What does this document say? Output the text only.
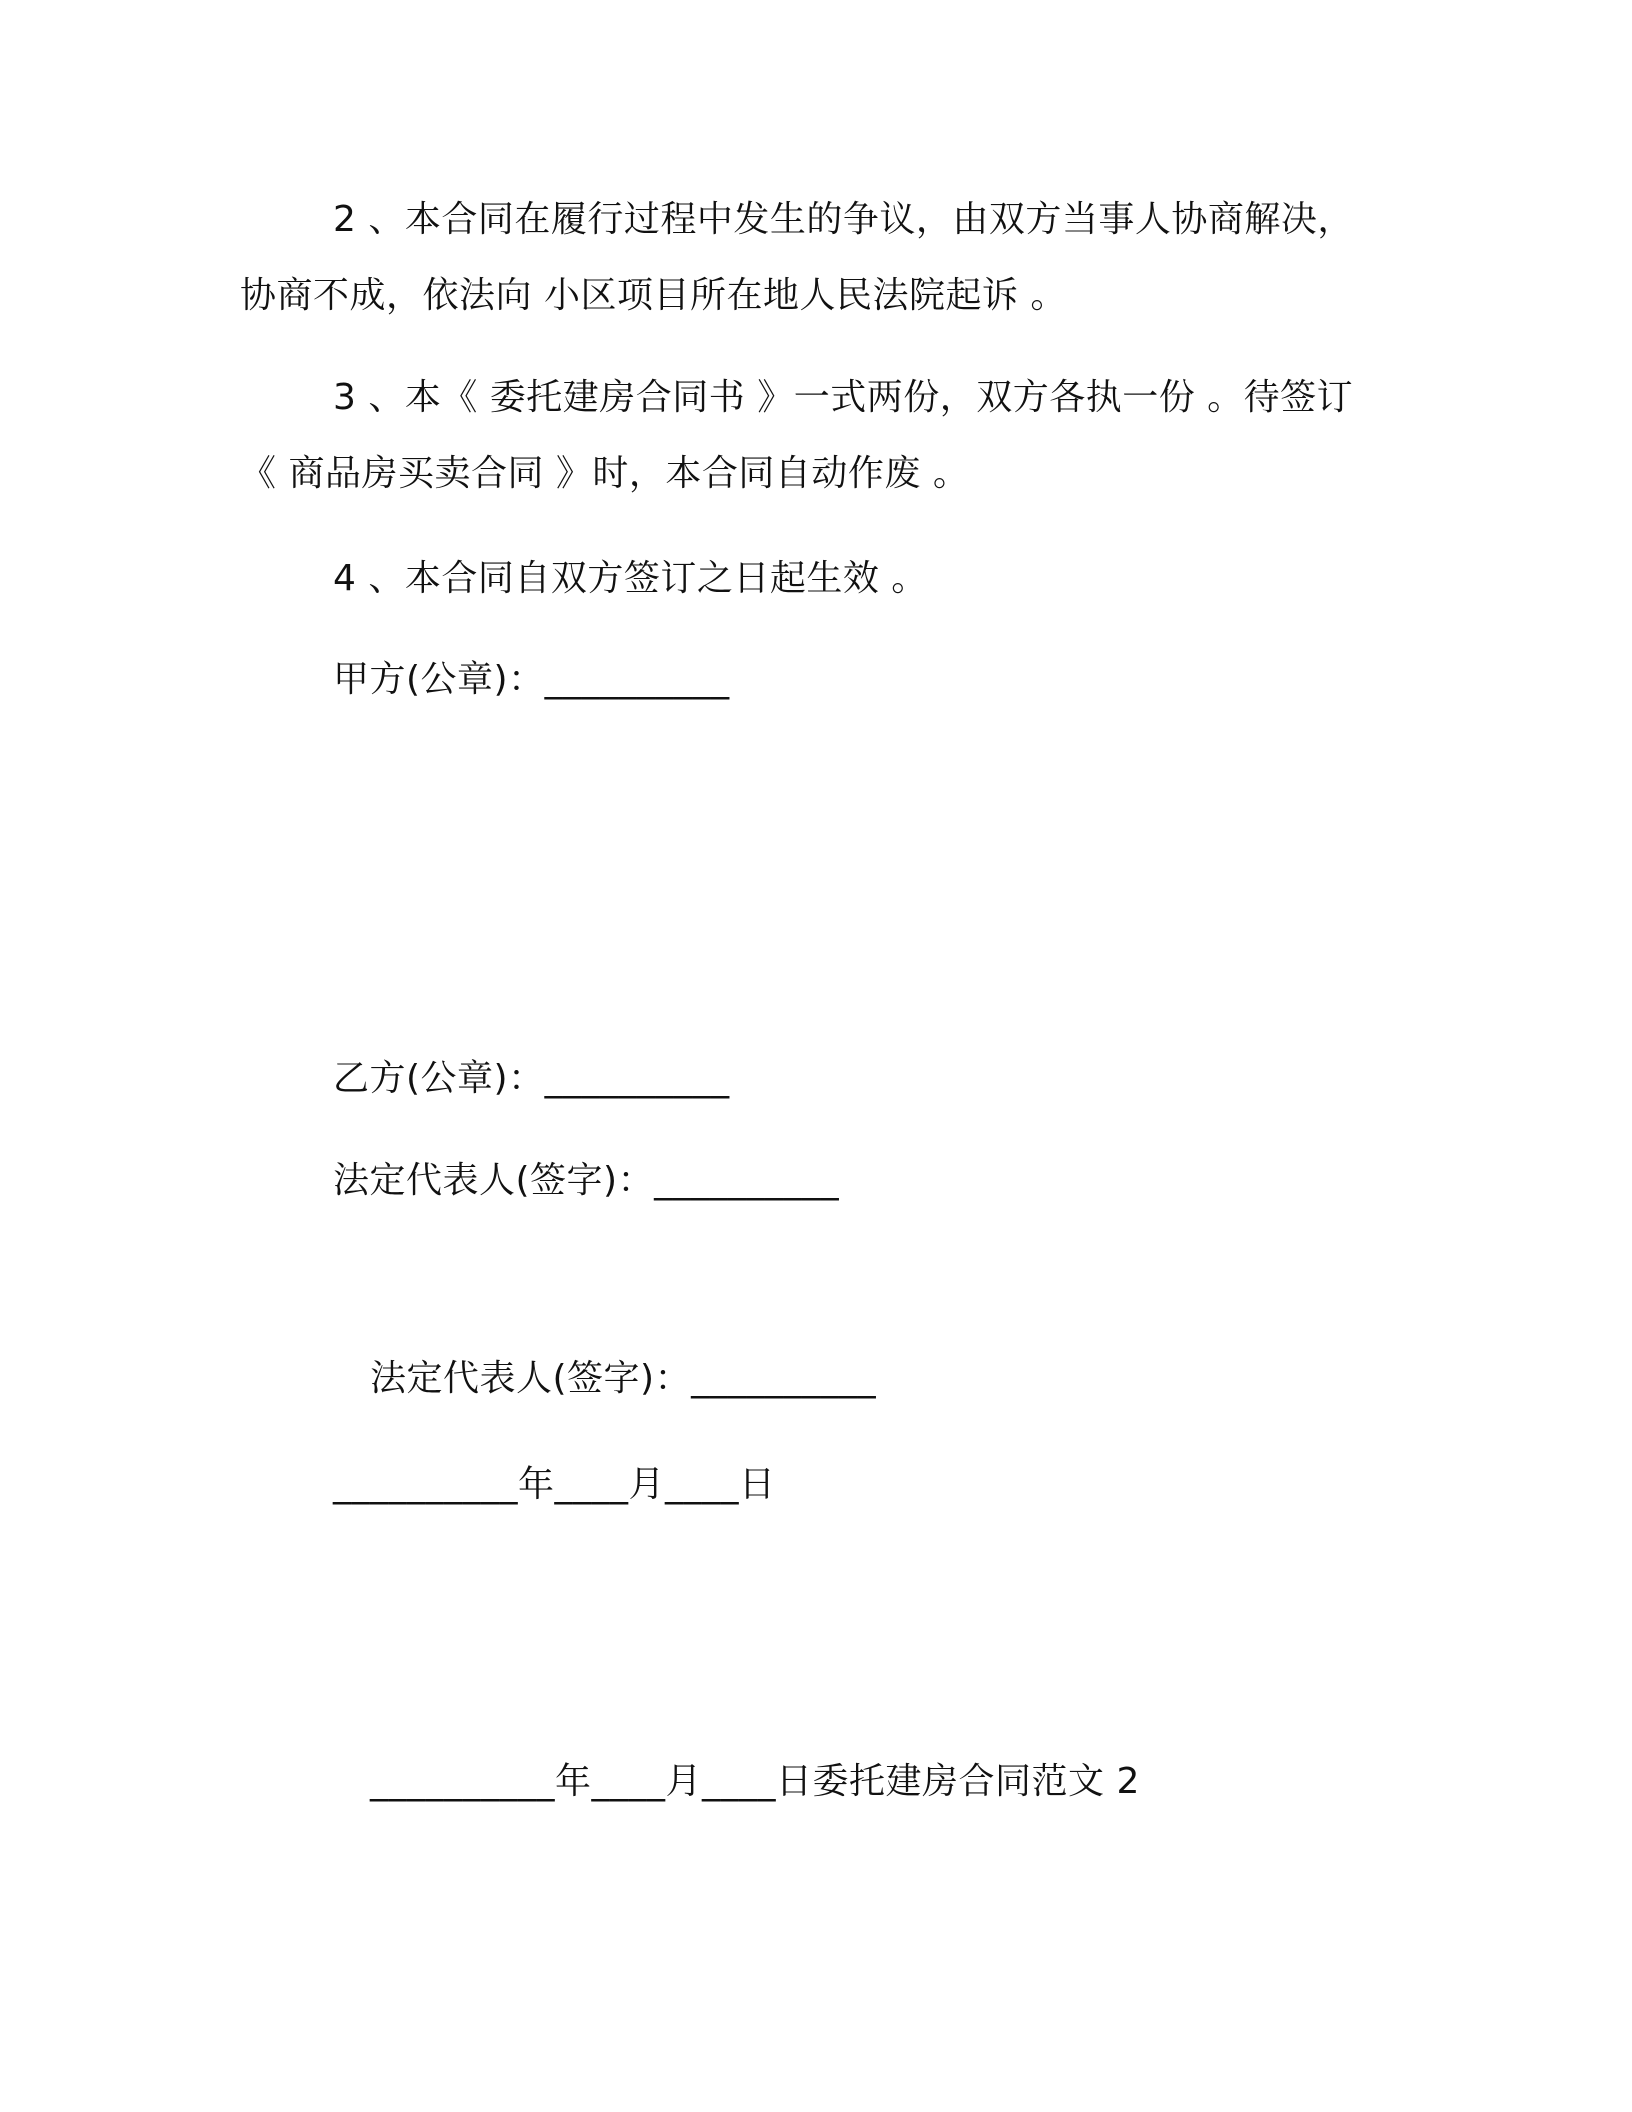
2 、本合同在履行过程中发生的争议，由双方当事人协商解决，
协商不成，依法向 小区项目所在地人民法院起诉 。
3 、本《 委托建房合同书 》一式两份，双方各执一份 。待签订
《 商品房买卖合同 》时，本合同自动作废 。
4 、本合同自双方签订之日起生效 。
甲方(公章)：__________
乙方(公章)：__________
法定代表人(签字)：__________
法定代表人(签字)：__________
__________年____月____日
__________年____月____日委托建房合同范文 2
